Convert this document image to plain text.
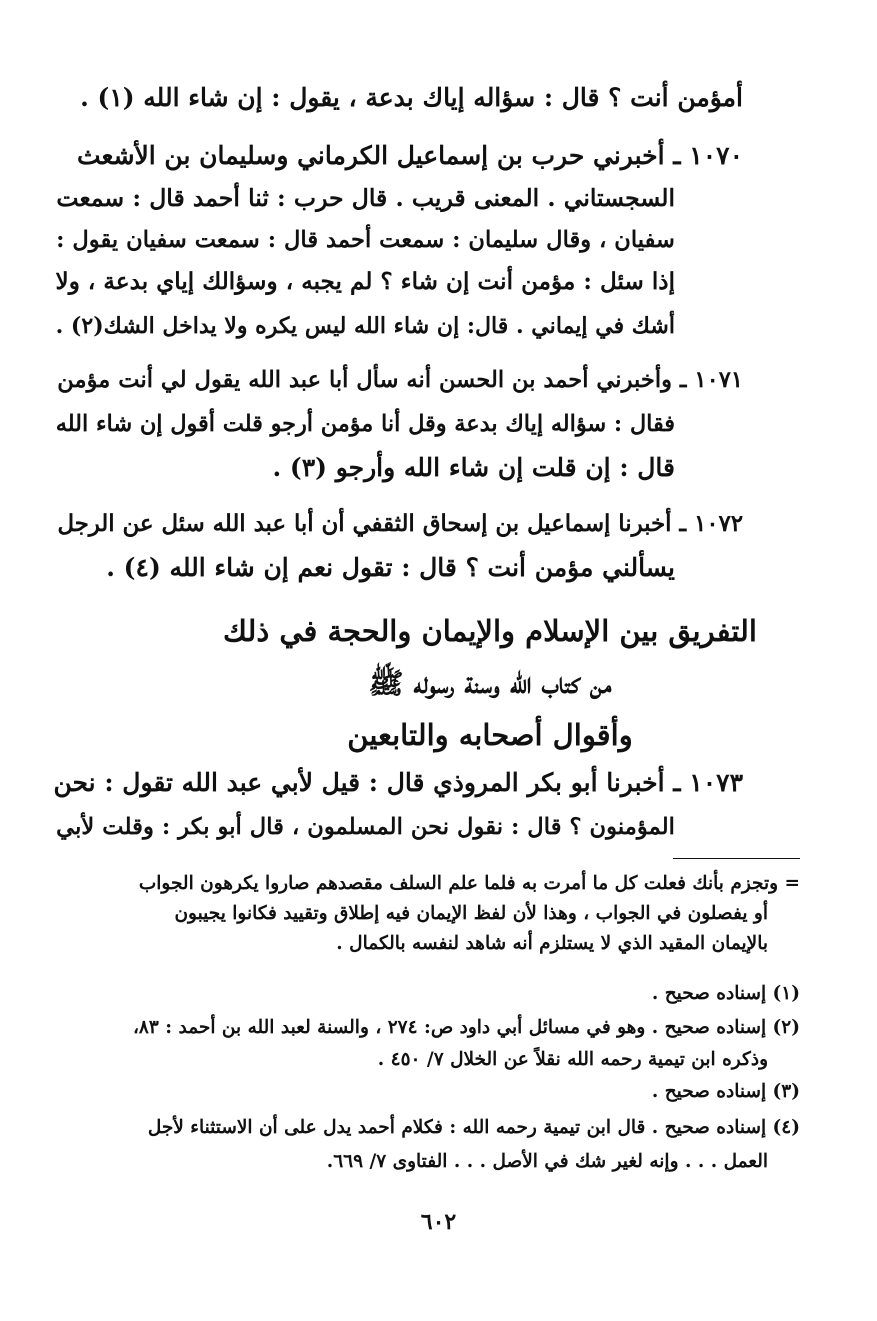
أمؤمن أنت ؟ قال : سؤاله إياك بدعة ، يقول : إن شاء الله (١) .
١٠٧٠ ـ أخبرني حرب بن إسماعيل الكرماني وسليمان بن الأشعث
السجستاني . المعنى قريب . قال حرب : ثنا أحمد قال : سمعت
سفيان ، وقال سليمان : سمعت أحمد قال : سمعت سفيان يقول :
إذا سئل : مؤمن أنت إن شاء ؟ لم يجبه ، وسؤالك إياي بدعة ، ولا
أشك في إيماني . قال: إن شاء الله ليس يكره ولا يداخل الشك(٢) .
١٠٧١ ـ وأخبرني أحمد بن الحسن أنه سأل أبا عبد الله يقول لي أنت مؤمن
فقال : سؤاله إياك بدعة وقل أنا مؤمن أرجو قلت أقول إن شاء الله
قال : إن قلت إن شاء الله وأرجو (٣) .
١٠٧٢ ـ أخبرنا إسماعيل بن إسحاق الثقفي أن أبا عبد الله سئل عن الرجل
يسألني مؤمن أنت ؟ قال : تقول نعم إن شاء الله (٤) .
التفريق بين الإسلام والإيمان والحجة في ذلك
من كتاب الله وسنة رسوله ﷺ
وأقوال أصحابه والتابعين
١٠٧٣ ـ أخبرنا أبو بكر المروذي قال : قيل لأبي عبد الله تقول : نحن
المؤمنون ؟ قال : نقول نحن المسلمون ، قال أبو بكر : وقلت لأبي
= وتجزم بأنك فعلت كل ما أمرت به فلما علم السلف مقصدهم صاروا يكرهون الجواب
أو يفصلون في الجواب ، وهذا لأن لفظ الإيمان فيه إطلاق وتقييد فكانوا يجيبون
بالإيمان المقيد الذي لا يستلزم أنه شاهد لنفسه بالكمال .
(١) إسناده صحيح .
(٢) إسناده صحيح . وهو في مسائل أبي داود ص: ٢٧٤ ، والسنة لعبد الله بن أحمد : ٨٣،
وذكره ابن تيمية رحمه الله نقلاً عن الخلال ٧/ ٤٥٠ .
(٣) إسناده صحيح .
(٤) إسناده صحيح . قال ابن تيمية رحمه الله : فكلام أحمد يدل على أن الاستثناء لأجل
العمل . . . وإنه لغير شك في الأصل . . . الفتاوى ٧/ ٦٦٩.
٦٠٢
